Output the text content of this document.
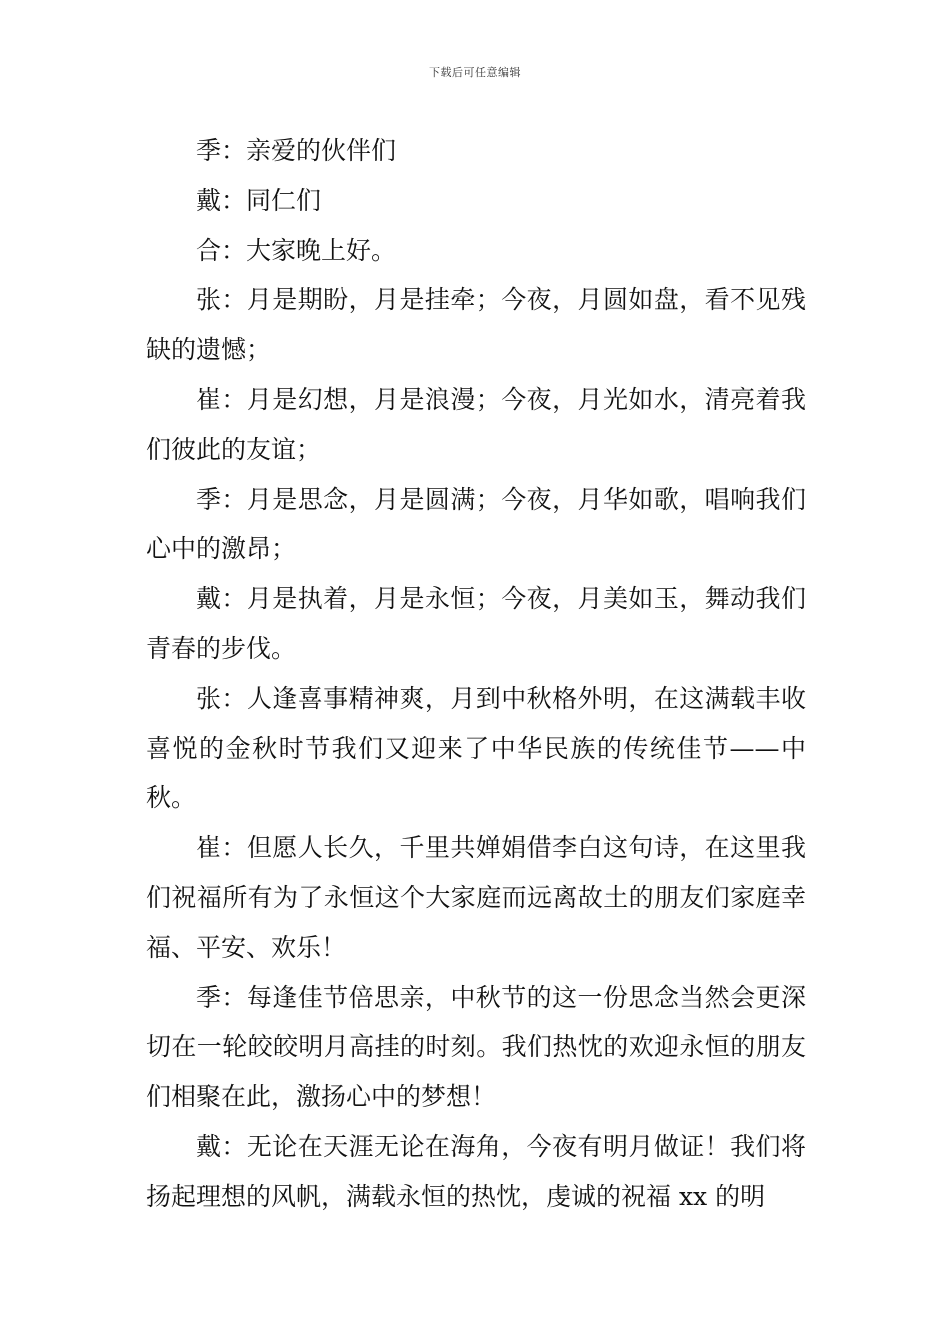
下载后可任意编辑

季：亲爱的伙伴们

戴：同仁们

合：大家晚上好。

张：月是期盼，月是挂牵；今夜，月圆如盘，看不见残缺的遗憾；

崔：月是幻想，月是浪漫；今夜，月光如水，清亮着我们彼此的友谊；

季：月是思念，月是圆满；今夜，月华如歌，唱响我们心中的激昂；

戴：月是执着，月是永恒；今夜，月美如玉，舞动我们青春的步伐。

张：人逢喜事精神爽，月到中秋格外明，在这满载丰收喜悦的金秋时节我们又迎来了中华民族的传统佳节——中秋。

崔：但愿人长久，千里共婵娟借李白这句诗，在这里我们祝福所有为了永恒这个大家庭而远离故土的朋友们家庭幸福、平安、欢乐！

季：每逢佳节倍思亲，中秋节的这一份思念当然会更深切在一轮皎皎明月高挂的时刻。我们热忱的欢迎永恒的朋友们相聚在此，激扬心中的梦想！

戴：无论在天涯无论在海角，今夜有明月做证！我们将扬起理想的风帆，满载永恒的热忱，虔诚的祝福 xx 的明
